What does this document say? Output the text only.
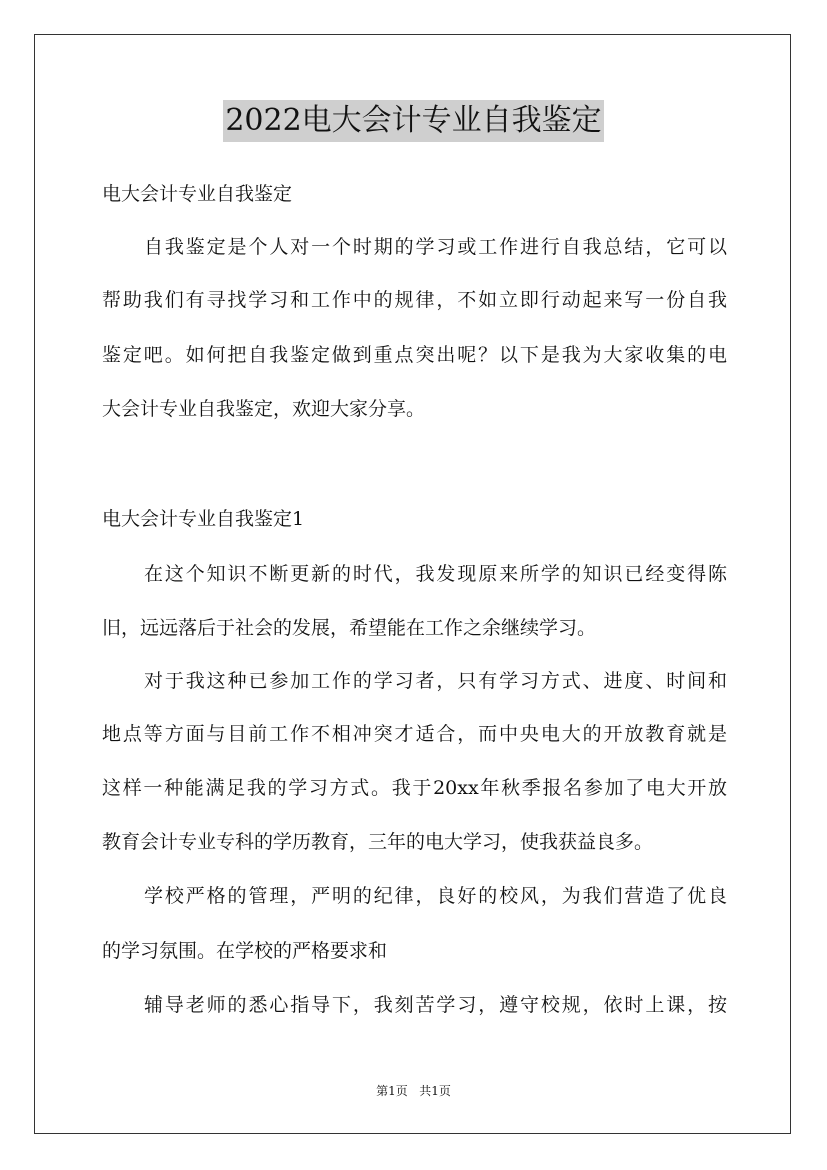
2022电大会计专业自我鉴定
电大会计专业自我鉴定
自我鉴定是个人对一个时期的学习或工作进行自我总结，它可以
帮助我们有寻找学习和工作中的规律，不如立即行动起来写一份自我
鉴定吧。如何把自我鉴定做到重点突出呢？以下是我为大家收集的电
大会计专业自我鉴定，欢迎大家分享。
电大会计专业自我鉴定1
在这个知识不断更新的时代，我发现原来所学的知识已经变得陈
旧，远远落后于社会的发展，希望能在工作之余继续学习。
对于我这种已参加工作的学习者，只有学习方式、进度、时间和
地点等方面与目前工作不相冲突才适合，而中央电大的开放教育就是
这样一种能满足我的学习方式。我于20xx年秋季报名参加了电大开放
教育会计专业专科的学历教育，三年的电大学习，使我获益良多。
学校严格的管理，严明的纪律，良好的校风，为我们营造了优良
的学习氛围。在学校的严格要求和
辅导老师的悉心指导下，我刻苦学习，遵守校规，依时上课，按
第1页 共1页
